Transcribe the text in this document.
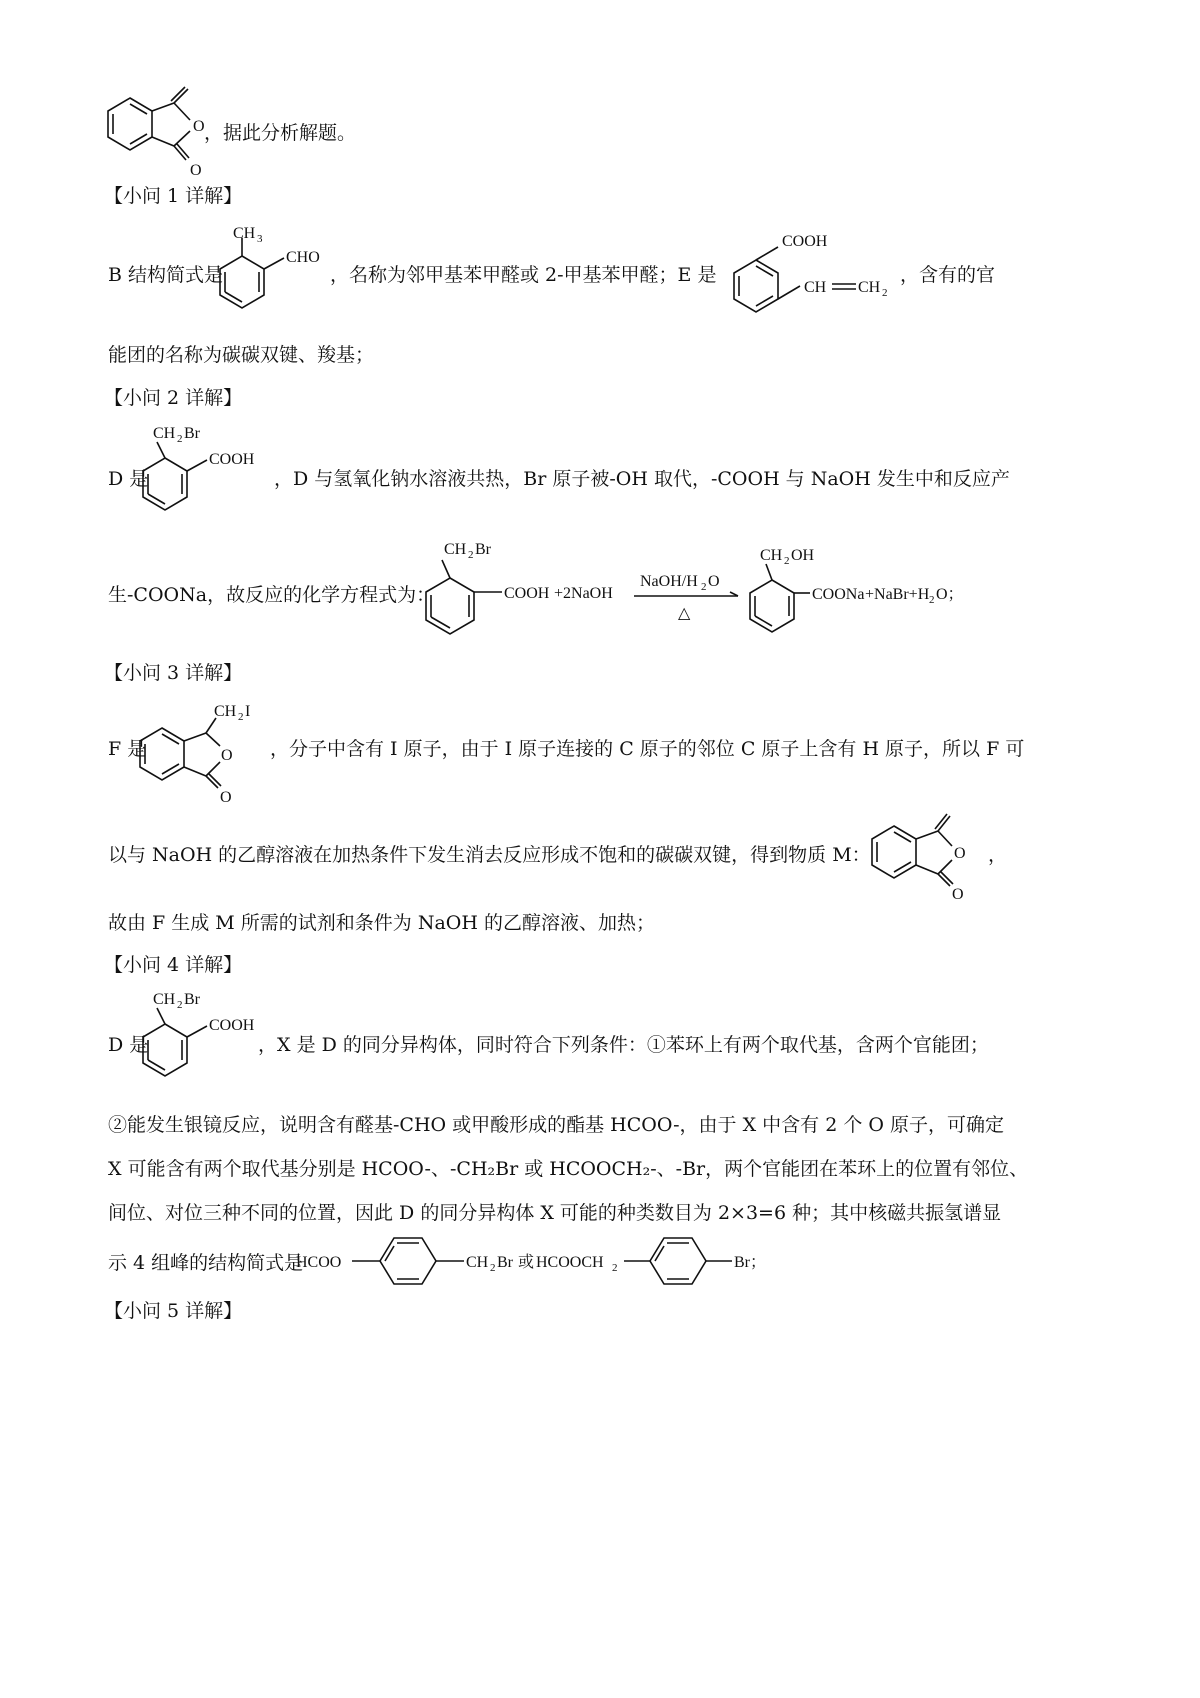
O
O
，据此分析解题。
【小问 1 详解】
B 结构简式是
CH 3
CHO
，名称为邻甲基苯甲醛或 2-甲基苯甲醛；E 是
COOH
CH CH 2
，含有的官
能团的名称为碳碳双键、羧基；
【小问 2 详解】
D 是
CH 2 Br
COOH
，D 与氢氧化钠水溶液共热，Br 原子被-OH 取代，-COOH 与 NaOH 发生中和反应产
生-COONa，故反应的化学方程式为：
CH 2 Br
COOH +2NaOH
NaOH/H 2 O
△
CH 2 OH
COONa +NaBr+H 2 O；
【小问 3 详解】
F 是
CH 2 I
O
O
，分子中含有 I 原子，由于 I 原子连接的 C 原子的邻位 C 原子上含有 H 原子，所以 F 可
以与 NaOH 的乙醇溶液在加热条件下发生消去反应形成不饱和的碳碳双键，得到物质 M：	O
O
，
故由 F 生成 M 所需的试剂和条件为 NaOH 的乙醇溶液、加热；
【小问 4 详解】
D 是
CH 2 Br
COOH
，X 是 D 的同分异构体，同时符合下列条件：①苯环上有两个取代基，含两个官能团；
②能发生银镜反应，说明含有醛基-CHO 或甲酸形成的酯基 HCOO-，由于 X 中含有 2 个 O 原子，可确定
X 可能含有两个取代基分别是 HCOO-、-CH₂Br 或 HCOOCH₂-、-Br，两个官能团在苯环上的位置有邻位、
间位、对位三种不同的位置，因此 D 的同分异构体 X 可能的种类数目为 2×3=6 种；其中核磁共振氢谱显
示 4 组峰的结构简式是
HCOO	CH 2 Br 或 HCOOCH 2	Br；
【小问 5 详解】
